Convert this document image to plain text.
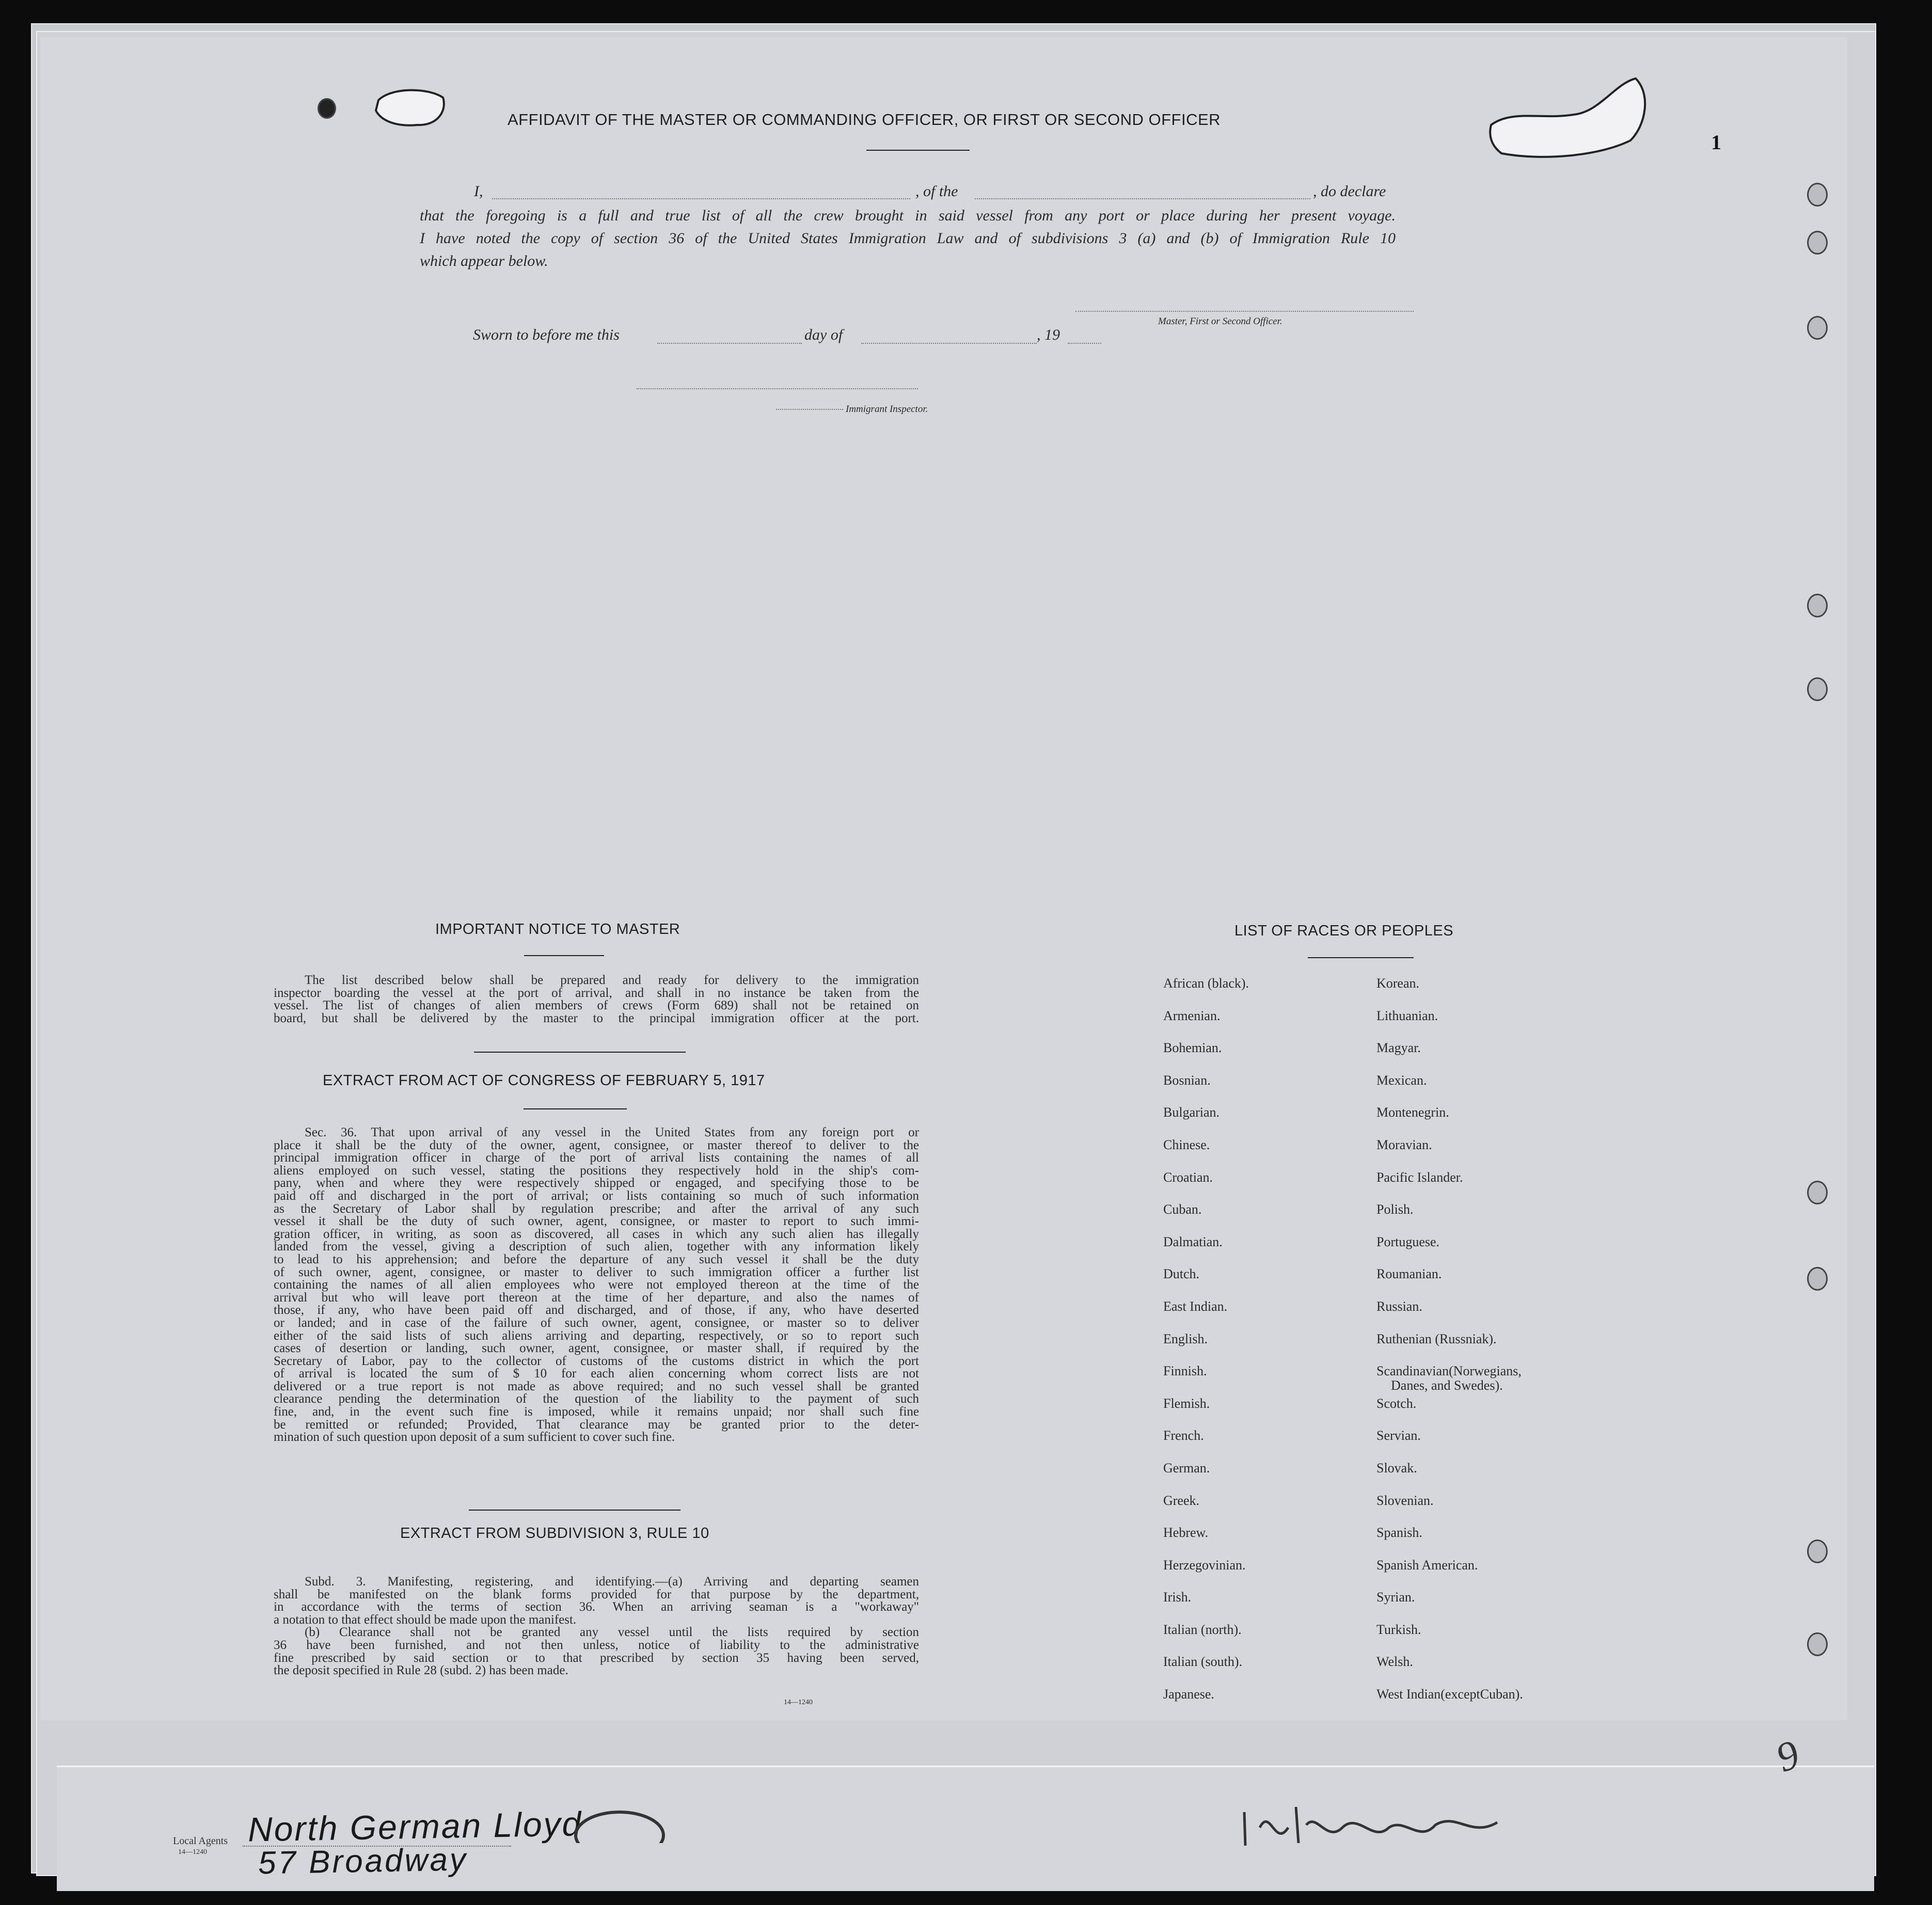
Local Agents
14—1240
North German Lloyd
57 Broadway
1
9
AFFIDAVIT OF THE MASTER OR COMMANDING OFFICER, OR FIRST OR SECOND OFFICER
I,	, of the	, do declare
that the foregoing is a full and true list of all the crew brought in said vessel from any port or place during her present voyage.
I have noted the copy of section 36 of the United States Immigration Law and of subdivisions 3 (a) and (b) of Immigration Rule 10
which appear below.
Master, First or Second Officer.
Sworn to before me this	day of	, 19
Immigrant Inspector.
IMPORTANT NOTICE TO MASTER
The list described below shall be prepared and ready for delivery to the immigration
inspector boarding the vessel at the port of arrival, and shall in no instance be taken from the
vessel. The list of changes of alien members of crews (Form 689) shall not be retained on
board, but shall be delivered by the master to the principal immigration officer at the port.
EXTRACT FROM ACT OF CONGRESS OF FEBRUARY 5, 1917
Sec. 36. That upon arrival of any vessel in the United States from any foreign port or
place it shall be the duty of the owner, agent, consignee, or master thereof to deliver to the
principal immigration officer in charge of the port of arrival lists containing the names of all
aliens employed on such vessel, stating the positions they respectively hold in the ship's com-
pany, when and where they were respectively shipped or engaged, and specifying those to be
paid off and discharged in the port of arrival; or lists containing so much of such information
as the Secretary of Labor shall by regulation prescribe; and after the arrival of any such
vessel it shall be the duty of such owner, agent, consignee, or master to report to such immi-
gration officer, in writing, as soon as discovered, all cases in which any such alien has illegally
landed from the vessel, giving a description of such alien, together with any information likely
to lead to his apprehension; and before the departure of any such vessel it shall be the duty
of such owner, agent, consignee, or master to deliver to such immigration officer a further list
containing the names of all alien employees who were not employed thereon at the time of the
arrival but who will leave port thereon at the time of her departure, and also the names of
those, if any, who have been paid off and discharged, and of those, if any, who have deserted
or landed; and in case of the failure of such owner, agent, consignee, or master so to deliver
either of the said lists of such aliens arriving and departing, respectively, or so to report such
cases of desertion or landing, such owner, agent, consignee, or master shall, if required by the
Secretary of Labor, pay to the collector of customs of the customs district in which the port
of arrival is located the sum of $ 10 for each alien concerning whom correct lists are not
delivered or a true report is not made as above required; and no such vessel shall be granted
clearance pending the determination of the question of the liability to the payment of such
fine, and, in the event such fine is imposed, while it remains unpaid; nor shall such fine
be remitted or refunded; Provided, That clearance may be granted prior to the deter-
mination of such question upon deposit of a sum sufficient to cover such fine.
EXTRACT FROM SUBDIVISION 3, RULE 10
Subd. 3. Manifesting, registering, and identifying.—(a) Arriving and departing seamen
shall be manifested on the blank forms provided for that purpose by the department,
in accordance with the terms of section 36. When an arriving seaman is a "workaway"
a notation to that effect should be made upon the manifest.
(b) Clearance shall not be granted any vessel until the lists required by section
36 have been furnished, and not then unless, notice of liability to the administrative
fine prescribed by said section or to that prescribed by section 35 having been served,
the deposit specified in Rule 28 (subd. 2) has been made.
14—1240
LIST OF RACES OR PEOPLES
African (black).	Korean.
Armenian.	Lithuanian.
Bohemian.	Magyar.
Bosnian.	Mexican.
Bulgarian.	Montenegrin.
Chinese.	Moravian.
Croatian.	Pacific Islander.
Cuban.	Polish.
Dalmatian.	Portuguese.
Dutch.	Roumanian.
East Indian.	Russian.
English.	Ruthenian (Russniak).
Finnish.	Scandinavian(Norwegians,
Flemish.	Scotch.
French.	Servian.
German.	Slovak.
Greek.	Slovenian.
Hebrew.	Spanish.
Herzegovinian.	Spanish American.
Irish.	Syrian.
Italian (north).	Turkish.
Italian (south).	Welsh.
Japanese.	West Indian(exceptCuban).
Danes, and Swedes).
